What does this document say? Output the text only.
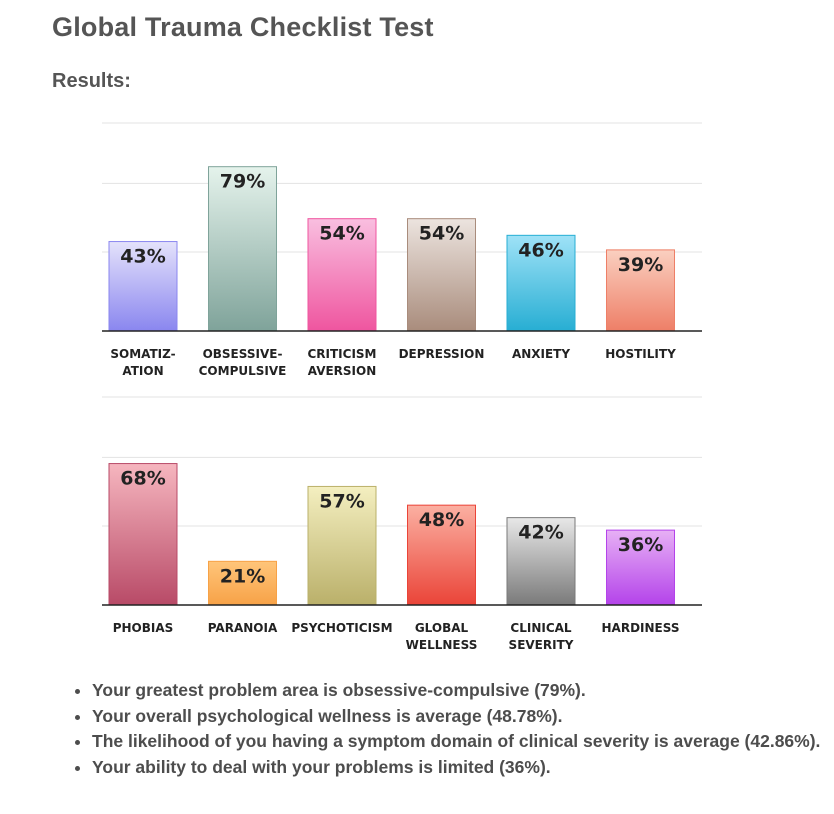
Global Trauma Checklist Test
Results:
43%
SOMATIZ-ATION
79%
OBSESSIVE-COMPULSIVE
54%
CRITICISM AVERSION
54%
DEPRESSION
46%
ANXIETY
39%
HOSTILITY
68%
PHOBIAS
21%
PARANOIA
57%
PSYCHOTICISM
48%
GLOBAL WELLNESS
42%
CLINICAL SEVERITY
36%
HARDINESS
• Your greatest problem area is obsessive-compulsive (79%).
• Your overall psychological wellness is average (48.78%).
• The likelihood of you having a symptom domain of clinical severity is average (42.86%).
• Your ability to deal with your problems is limited (36%).
